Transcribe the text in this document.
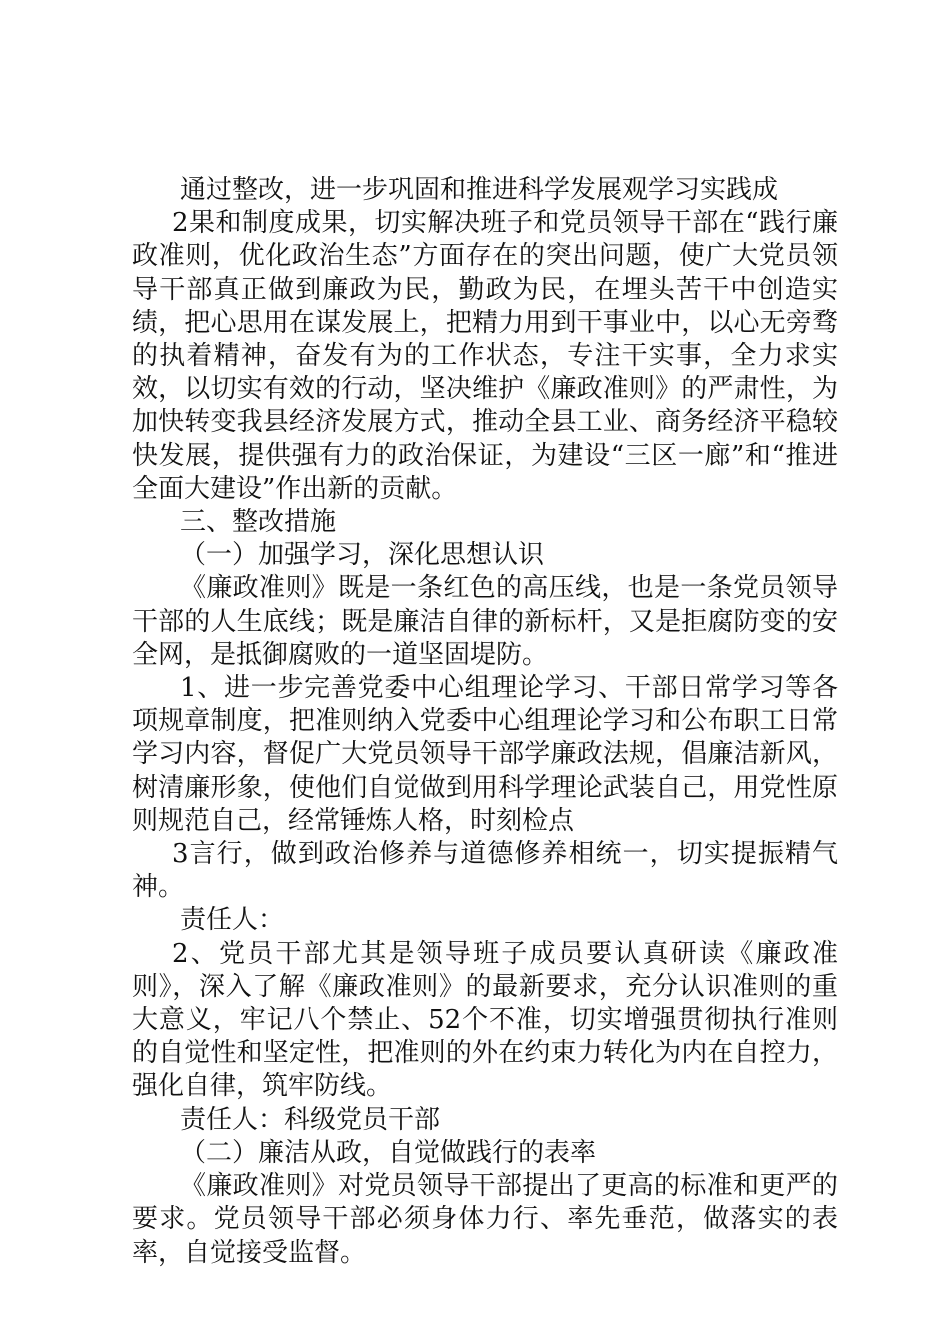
通过整改，进一步巩固和推进科学发展观学习实践成

2果和制度成果，切实解决班子和党员领导干部在“践行廉政准则，优化政治生态”方面存在的突出问题，使广大党员领导干部真正做到廉政为民，勤政为民，在埋头苦干中创造实绩，把心思用在谋发展上，把精力用到干事业中，以心无旁骛的执着精神，奋发有为的工作状态，专注干实事，全力求实效，以切实有效的行动，坚决维护《廉政准则》的严肃性，为加快转变我县经济发展方式，推动全县工业、商务经济平稳较快发展，提供强有力的政治保证，为建设“三区一廊”和“推进全面大建设”作出新的贡献。

三、整改措施

（一）加强学习，深化思想认识

《廉政准则》既是一条红色的高压线，也是一条党员领导干部的人生底线；既是廉洁自律的新标杆，又是拒腐防变的安全网，是抵御腐败的一道坚固堤防。

1、进一步完善党委中心组理论学习、干部日常学习等各项规章制度，把准则纳入党委中心组理论学习和公布职工日常学习内容，督促广大党员领导干部学廉政法规，倡廉洁新风，树清廉形象，使他们自觉做到用科学理论武装自己，用党性原则规范自己，经常锤炼人格，时刻检点

3言行，做到政治修养与道德修养相统一，切实提振精气神。

责任人：

2、党员干部尤其是领导班子成员要认真研读《廉政准则》，深入了解《廉政准则》的最新要求，充分认识准则的重大意义，牢记八个禁止、52个不准，切实增强贯彻执行准则的自觉性和坚定性，把准则的外在约束力转化为内在自控力，强化自律，筑牢防线。

责任人：科级党员干部

（二）廉洁从政，自觉做践行的表率

《廉政准则》对党员领导干部提出了更高的标准和更严的要求。党员领导干部必须身体力行、率先垂范，做落实的表率，自觉接受监督。
